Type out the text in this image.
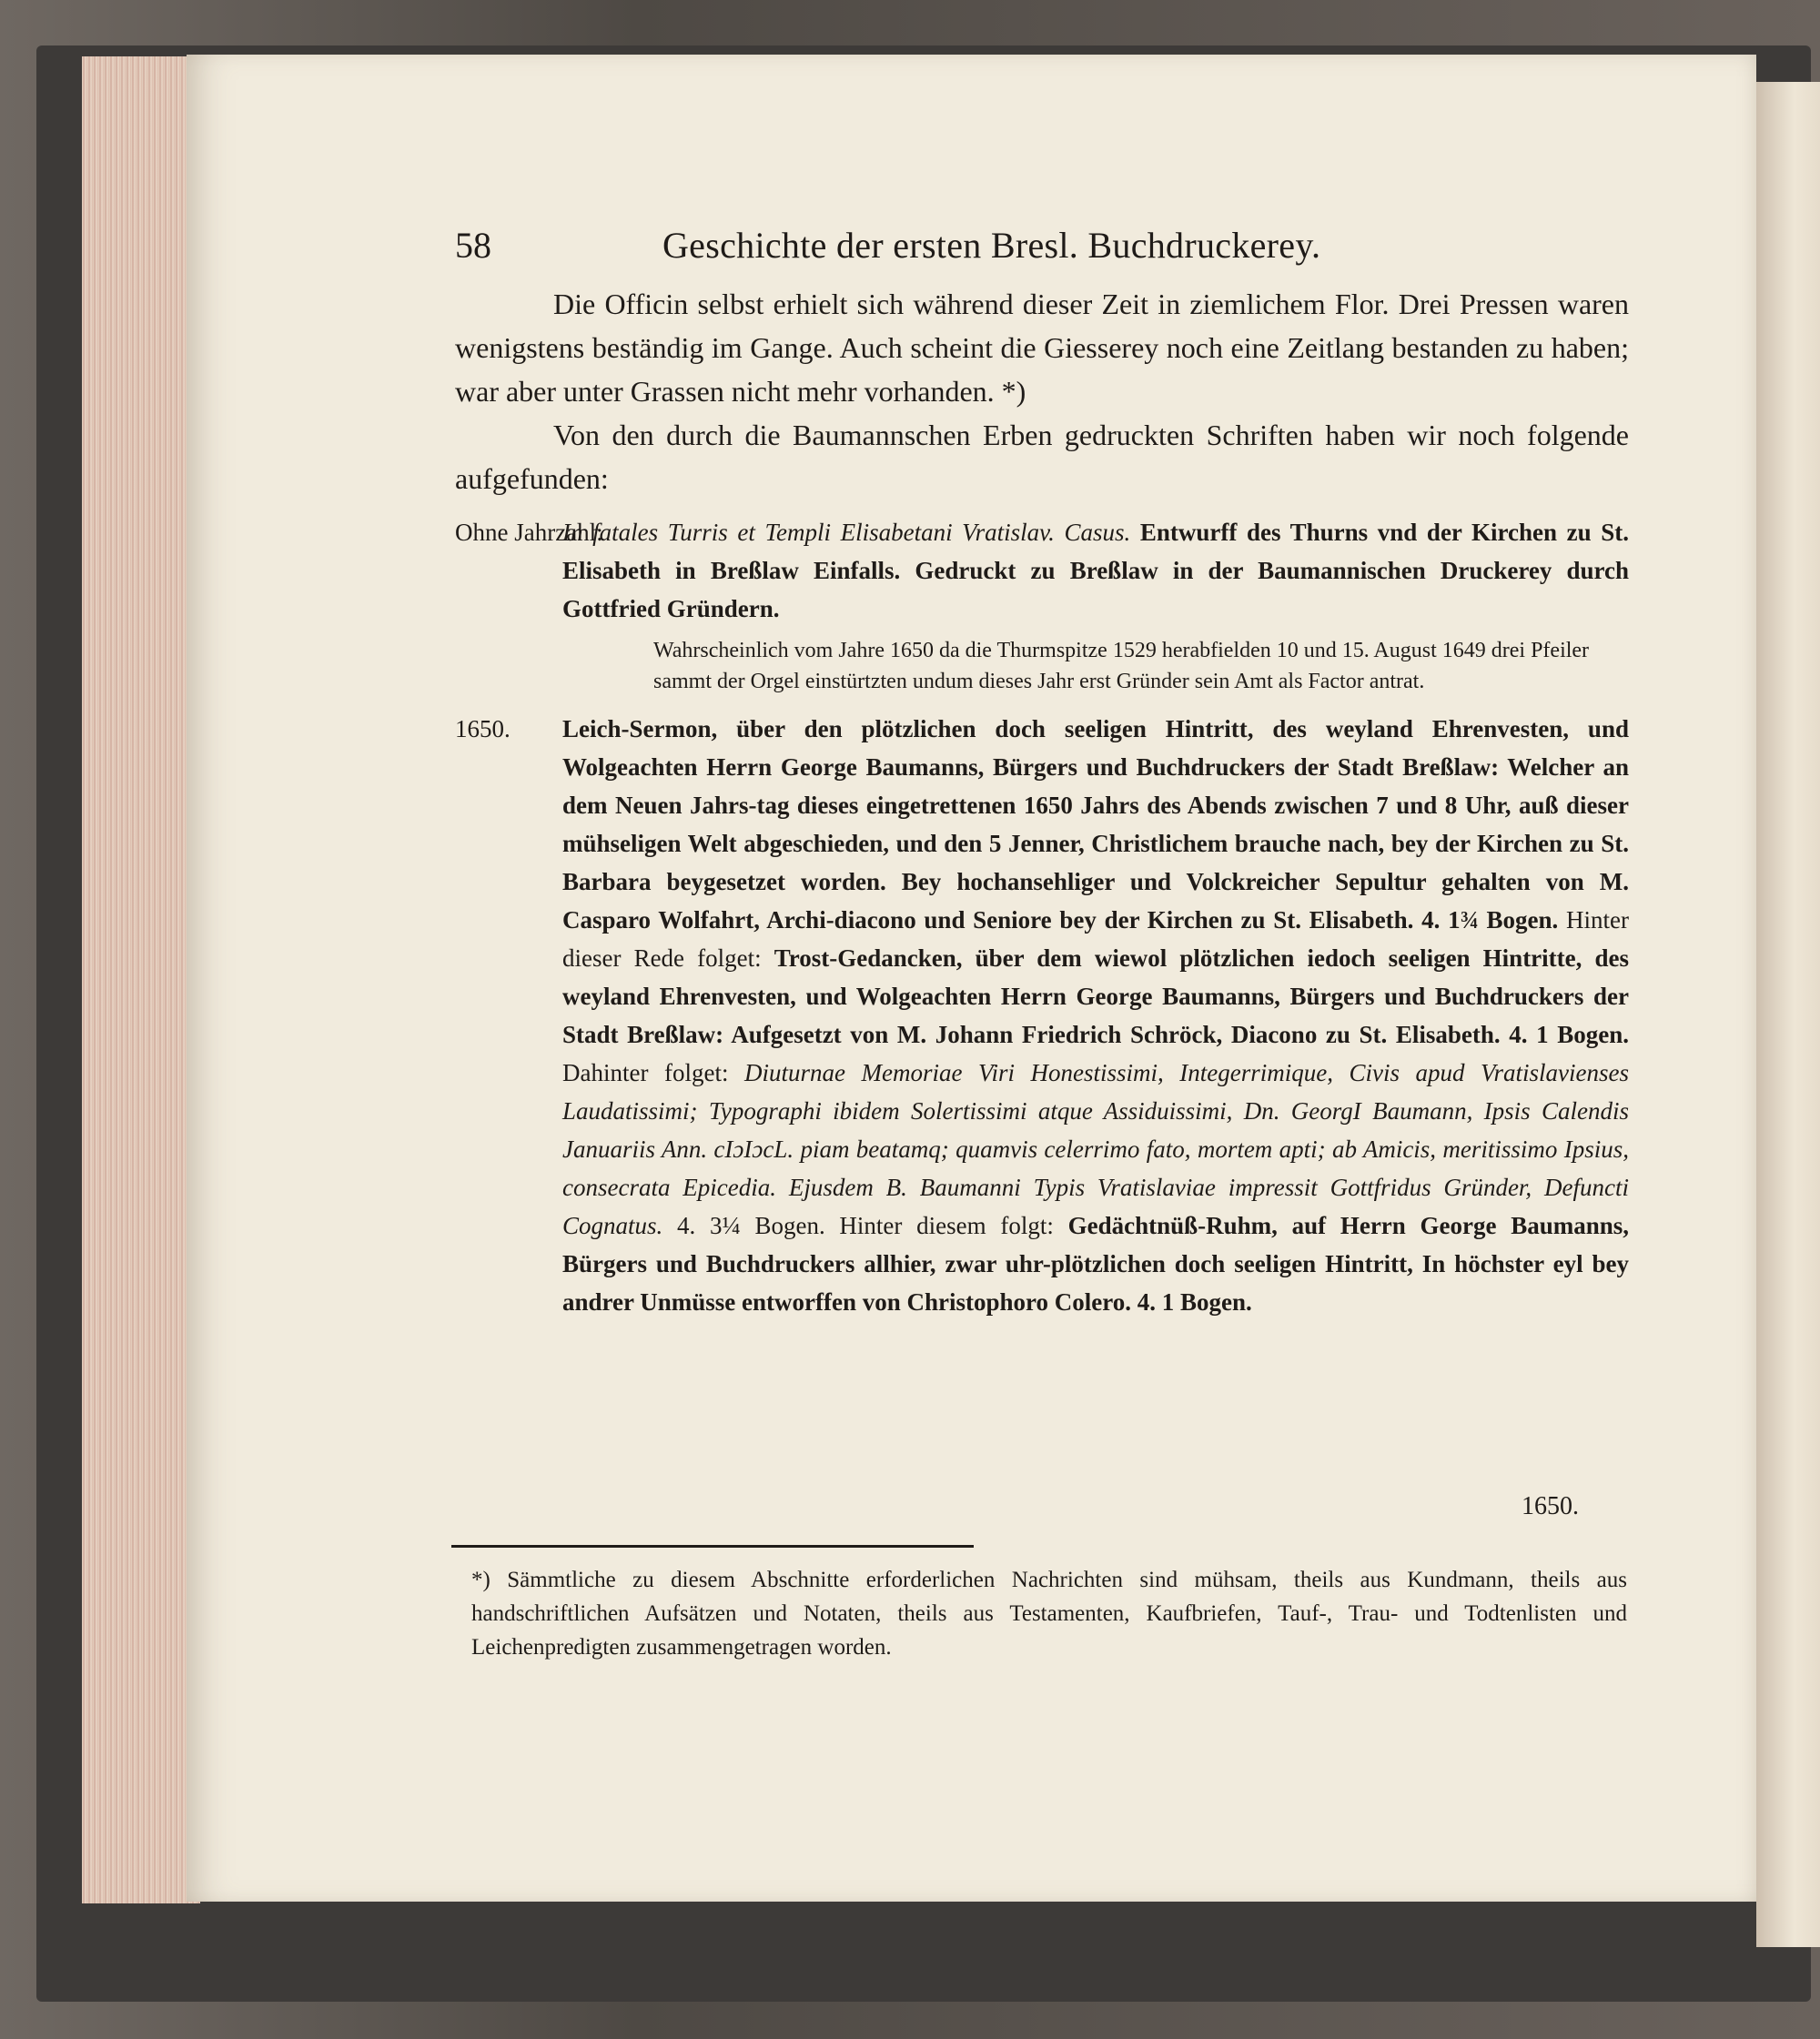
58	Geschichte der ersten Bresl. Buchdruckerey.

Die Officin selbst erhielt sich während dieser Zeit in ziemlichem Flor. Drei Pressen waren wenigstens beständig im Gange. Auch scheint die Giesserey noch eine Zeitlang bestanden zu haben; war aber unter Grassen nicht mehr vorhanden. *)

Von den durch die Baumannschen Erben gedruckten Schriften haben wir noch folgende aufgefunden:

Ohne Jahrzahl:
In fatales Turris et Templi Elisabetani Vratislav. Casus. Entwurff des Thurns vnd der Kirchen zu St. Elisabeth in Breßlaw Einfalls. Gedruckt zu Breßlaw in der Baumannischen Druckerey durch Gottfried Gründern.
Wahrscheinlich vom Jahre 1650 da die Thurmspitze 1529 herabfielden 10 und 15. August 1649 drei Pfeiler sammt der Orgel einstürtzten undum dieses Jahr erst Gründer sein Amt als Factor antrat.
1650. Leich-Sermon, über den plötzlichen doch seeligen Hintritt, des weyland Ehrenvesten, und Wolgeachten Herrn George Baumanns, Bürgers und Buchdruckers der Stadt Breßlaw: Welcher an dem Neuen Jahrs-tag dieses eingetrettenen 1650 Jahrs des Abends zwischen 7 und 8 Uhr, auß dieser mühseligen Welt abgeschieden, und den 5 Jenner, Christlichem brauche nach, bey der Kirchen zu St. Barbara beygesetzet worden. Bey hochansehliger und Volckreicher Sepultur gehalten von M. Casparo Wolfahrt, Archi-diacono und Seniore bey der Kirchen zu St. Elisabeth. 4. 1¾ Bogen. Hinter dieser Rede folget: Trost-Gedancken, über dem wiewol plötzlichen iedoch seeligen Hintritte, des weyland Ehrenvesten, und Wolgeachten Herrn George Baumanns, Bürgers und Buchdruckers der Stadt Breßlaw: Aufgesetzt von M. Johann Friedrich Schröck, Diacono zu St. Elisabeth. 4. 1 Bogen. Dahinter folget: Diuturnae Memoriae Viri Honestissimi, Integerrimique, Civis apud Vratislavienses Laudatissimi; Typographi ibidem Solertissimi atque Assiduissimi, Dn. GeorgI Baumann, Ipsis Calendis Januariis Ann. cIɔIɔcL. piam beatamq; quamvis celerrimo fato, mortem apti; ab Amicis, meritissimo Ipsius, consecrata Epicedia. Ejusdem B. Baumanni Typis Vratislaviae impressit Gottfridus Gründer, Defuncti Cognatus. 4. 3¼ Bogen. Hinter diesem folgt: Gedächtnüß-Ruhm, auf Herrn George Baumanns, Bürgers und Buchdruckers allhier, zwar uhr-plötzlichen doch seeligen Hintritt, In höchster eyl bey andrer Unmüsse entworffen von Christophoro Colero. 4. 1 Bogen.
1650.
*) Sämmtliche zu diesem Abschnitte erforderlichen Nachrichten sind mühsam, theils aus Kundmann, theils aus handschriftlichen Aufsätzen und Notaten, theils aus Testamenten, Kaufbriefen, Tauf-, Trau- und Todtenlisten und Leichenpredigten zusammengetragen worden.
